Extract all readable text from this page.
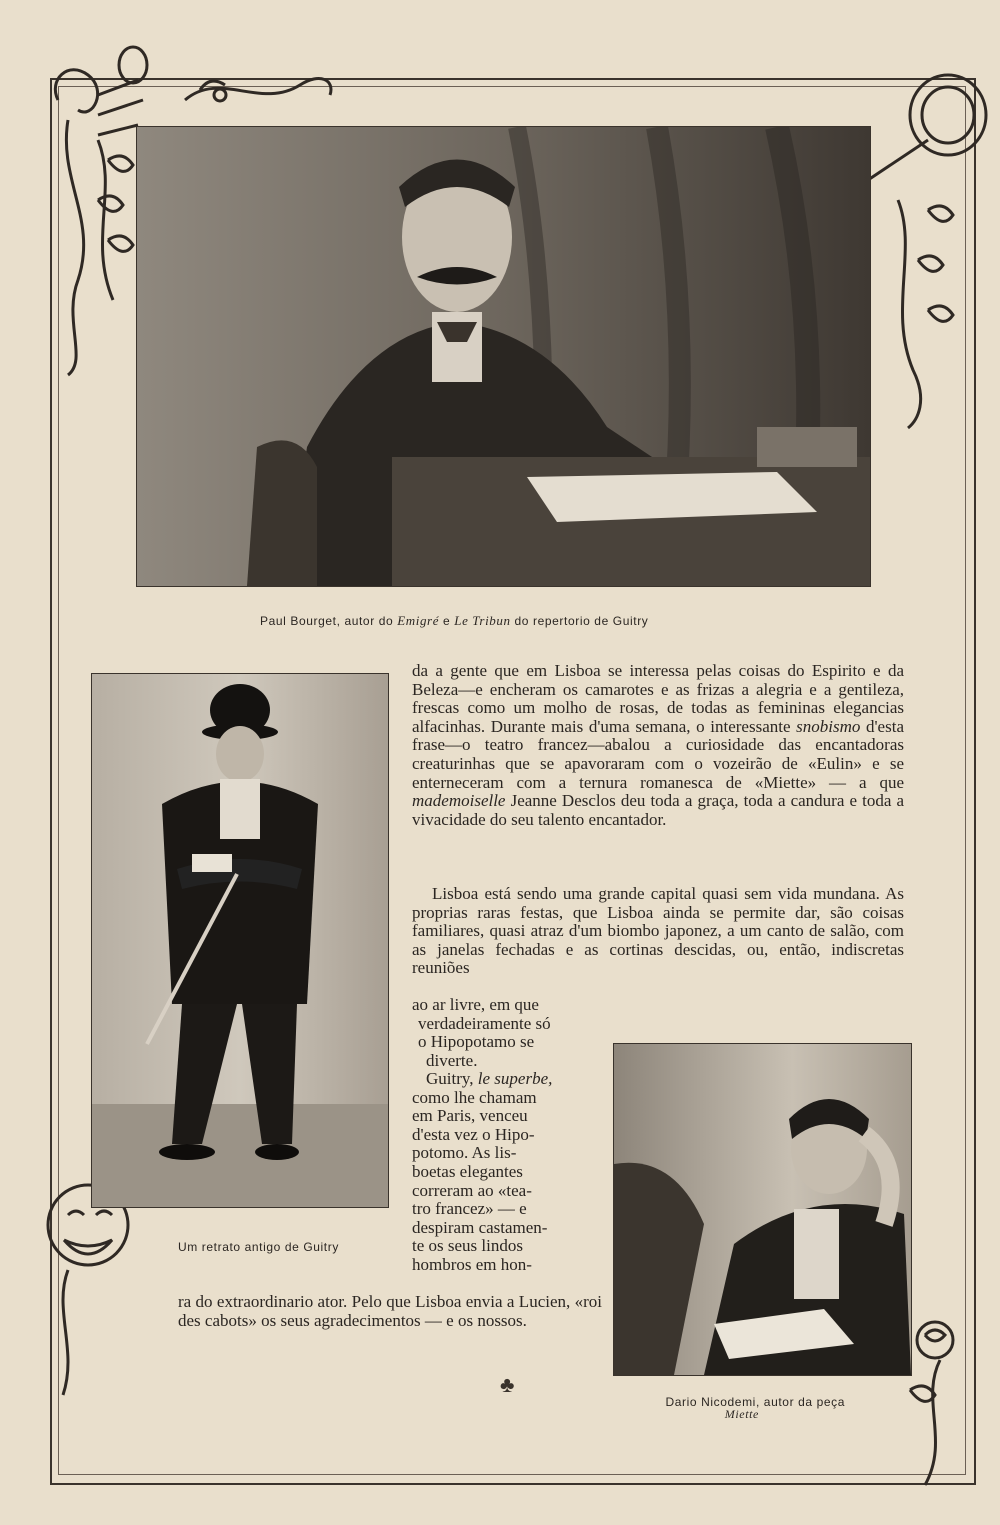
Paul Bourget, autor do Emigré e Le Tribun do repertorio de Guitry
Um retrato antigo de Guitry
Dario Nicodemi, autor da peça
Miette

da a gente que em Lisboa se interessa pelas coisas do Espirito e da Beleza—e encheram os camarotes e as frizas a alegria e a gentileza, frescas como um molho de rosas, de todas as femininas elegancias alfacinhas. Durante mais d'uma semana, o interessante snobismo d'esta frase—o teatro francez—abalou a curiosidade das encantadoras creaturinhas que se apavoraram com o vozeirão de «Eulin» e se enterneceram com a ternura romanesca de «Miette» — a que mademoiselle Jeanne Desclos deu toda a graça, toda a candura e toda a vivacidade do seu talento encantador.

Lisboa está sendo uma grande capital quasi sem vida mundana. As proprias raras festas, que Lisboa ainda se permite dar, são coisas familiares, quasi atraz d'um biombo japonez, a um canto de salão, com as janelas fechadas e as cortinas descidas, ou, então, indiscretas reuniões

ao ar livre, em que
verdadeiramente só
o Hipopotamo se
diverte.
Guitry, le superbe,
como lhe chamam
em Paris, venceu
d'esta vez o Hipo-
potomo. As lis-
boetas elegantes
correram ao «tea-
tro francez» — e
despiram castamen-
te os seus lindos
hombros em hon-

ra do extraordinario ator. Pelo que Lisboa envia a Lucien, «roi des cabots» os seus agradecimentos — e os nossos.

♣
